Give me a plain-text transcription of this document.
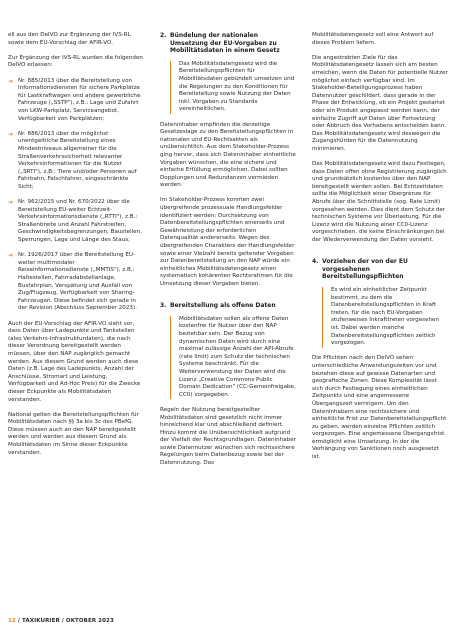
ell aus den DelVO zur Ergänzung der IVS-RL sowie dem EU-Vorschlag der AFIR-VO.

Zur Ergänzung der IVS-RL wurden die folgenden DelVO erlassen:

➔ Nr. 885/2013 über die Bereitstellung von Informationsdiensten für sichere Parkplätze für Lastkraftwagen und andere gewerbliche Fahrzeuge („SSTP"), z.B.: Lage und Zufahrt von LKW-Parkplatz, Serviceangebot, Verfügbarkeit von Parkplätzen;
➔ Nr. 886/2013 über die möglichst unentgeltliche Bereitstellung eines Mindestniveaus allgemeiner für die Straßenverkehrssicherheit relevanter Verkehrsinformationen für die Nutzer („SRTI"), z.B.: Tiere und/oder Personen auf Fahrbahn, Falschfahrer, eingeschränkte Sicht;
➔ Nr. 962/2015 und Nr. 670/2022 über die Bereitstellung EU-weiter Echtzeit-Verkehrsinformationsdienste („RTTI"), z.B.: Straßenbreite und Anzahl Fahrstreifen, Geschwindigkeitsbegrenzungen, Baustellen, Sperrungen, Lage und Länge des Staus;
➔ Nr. 1926/2017 über die Bereitstellung EU-weiter multimodaler Reiseinformationsdienste („MMTIS"), z.B.: Haltestellen, Fahrradabstellanlage, Busfahrplan, Verspätung und Ausfall von Zug/Flugzeug, Verfügbarkeit von Sharing-Fahrzeugen. Diese befindet sich gerade in der Revision (Abschluss September 2023).

Auch der EU-Vorschlag der AFIR-VO sieht vor, dass Daten über Ladepunkte und Tankstellen (also Verkehrs-Infrastrukturdaten), die nach dieser Verordnung bereitgestellt werden müssen, über den NAP zugänglich gemacht werden. Aus diesem Grund werden auch diese Daten (z.B. Lage des Ladepunkts, Anzahl der Anschlüsse, Stromart und Leistung, Verfügbarkeit und Ad-Hoc Preis) für die Zwecke dieser Eckpunkte als Mobilitätsdaten verstanden.

National gelten die Bereitstellungspflichten für Mobilitätsdaten nach §§ 3a bis 3c des PBefG. Diese müssen auch an den NAP bereitgestellt werden und werden aus diesem Grund als Mobilitätsdaten im Sinne dieser Eckpunkte verstanden.

2. Bündelung der nationalen Umsetzung der EU-Vorgaben zu Mobilitätsdaten in einem Gesetz

Das Mobilitätsdatengesetz wird die Bereitstellungspflichten für Mobilitätsdaten gebündelt umsetzen und die Regelungen zu den Konditionen für Bereitstellung sowie Nutzung der Daten inkl. Vorgaben zu Standards vereinheitlichen.

Dateninhaber empfinden die derzeitige Gesetzeslage zu den Bereitstellungspflichten in nationalen und EU-Rechtsakten als unübersichtlich. Aus dem Stakeholder-Prozess ging hervor, dass sich Dateninhaber einheitliche Vorgaben wünschen, die eine sichere und einfache Erfüllung ermöglichen. Dabei sollten Dopplungen und Redundanzen vermieden werden.

Im Stakeholder-Prozess konnten zwei übergreifende prozessuale Handlungsfelder identifiziert werden: Durchsetzung von Datenbereitstellungspflichten einerseits und Gewährleistung der erforderlichen Datenqualität andererseits. Wegen des übergreifenden Charakters der Handlungsfelder sowie einer Vielzahl bereits geltender Vorgaben zur Datenbereitstellung an den NAP würde ein einheitliches Mobilitätsdatengesetz einen systematisch kohärenten Rechtsrahmen für die Umsetzung dieser Vorgaben bieten.

3. Bereitstellung als offene Daten

Mobilitätsdaten sollen als offene Daten kostenfrei für Nutzer über den NAP beziehbar sein. Der Bezug von dynamischen Daten wird durch eine maximal zulässige Anzahl der API-Abrufe (rate limit) zum Schutz der technischen Systeme beschränkt. Für die Weiterverwendung der Daten wird die Lizenz „Creative Commons Public Domain Dedication" (CC-Gemeinfreigabe, CC0) vorgegeben.

Regeln der Nutzung bereitgestellter Mobilitätsdaten sind gesetzlich nicht immer hinreichend klar und abschließend definiert. Hinzu kommt die Unübersichtlichkeit aufgrund der Vielfalt der Rechtsgrundlagen. Dateninhaber sowie Datennutzer wünschen sich rechtssichere Regelungen beim Datenbezug sowie bei der Datennutzung. Das

Mobilitätsdatengesetz soll eine Antwort auf dieses Problem liefern.

Die angestrebten Ziele für das Mobilitätsdatengesetz lassen sich am besten erreichen, wenn die Daten für potentielle Nutzer möglichst einfach verfügbar sind. Im Stakeholder-Beteiligungsprozess haben Datennutzer geschildert, dass gerade in der Phase der Entwicklung, ob ein Projekt gestartet oder ein Produkt angepasst werden kann, der einfache Zugriff auf Daten über Fortsetzung oder Abbruch des Vorhabens entscheiden kann. Das Mobilitätsdatengesetz wird deswegen die Zugangshürden für die Datennutzung minimieren.

Das Mobilitätsdatengesetz wird dazu Festlegen, dass Daten offen ohne Registrierung zugänglich und grundsätzlich kostenlos über den NAP bereitgestellt werden sollen. Bei Echtzeitdaten sollte die Möglichkeit einer Obergrenze für Abrufe über die Schnittstelle (sog. Rate Limit) vorgesehen werden. Dies dient dem Schutz der technischen Systeme vor Überlastung. Für die Lizenz wird die Nutzung einer CC0-Lizenz vorgeschrieben, die keine Einschränkungen bei der Wiederverwendung der Daten vorsieht.

4. Vorziehen der von der EU vorgesehenen Bereitstellungspflichten

Es wird ein einheitlicher Zeitpunkt bestimmt, zu dem die Datenbereitstellungspflichten in Kraft treten, für die nach EU-Vorgaben stufenweises Inkrafttreten vorgesehen ist. Dabei werden manche Datenbereitstellungspflichten zeitlich vorgezogen.

Die Pflichten nach den DelVO sehen unterschiedliche Anwendungszeiten vor und beziehen diese auf gewisse Datenarten und geografische Zonen. Diese Komplexität lässt sich durch Festlegung eines einheitlichen Zeitpunkts und eine angemessene Übergangszeit verringern. Um den Dateninhabern eine rechtssichere und einheitliche Frist zur Datenbereitstellungspflicht zu geben, werden einzelne Pflichten zeitlich vorgezogen. Eine angemessene Übergangsfrist ermöglicht eine Umsetzung. In der die Verhängung von Sanktionen noch ausgesetzt ist.

12 / TAXIKURIER / OKTOBER 2023
